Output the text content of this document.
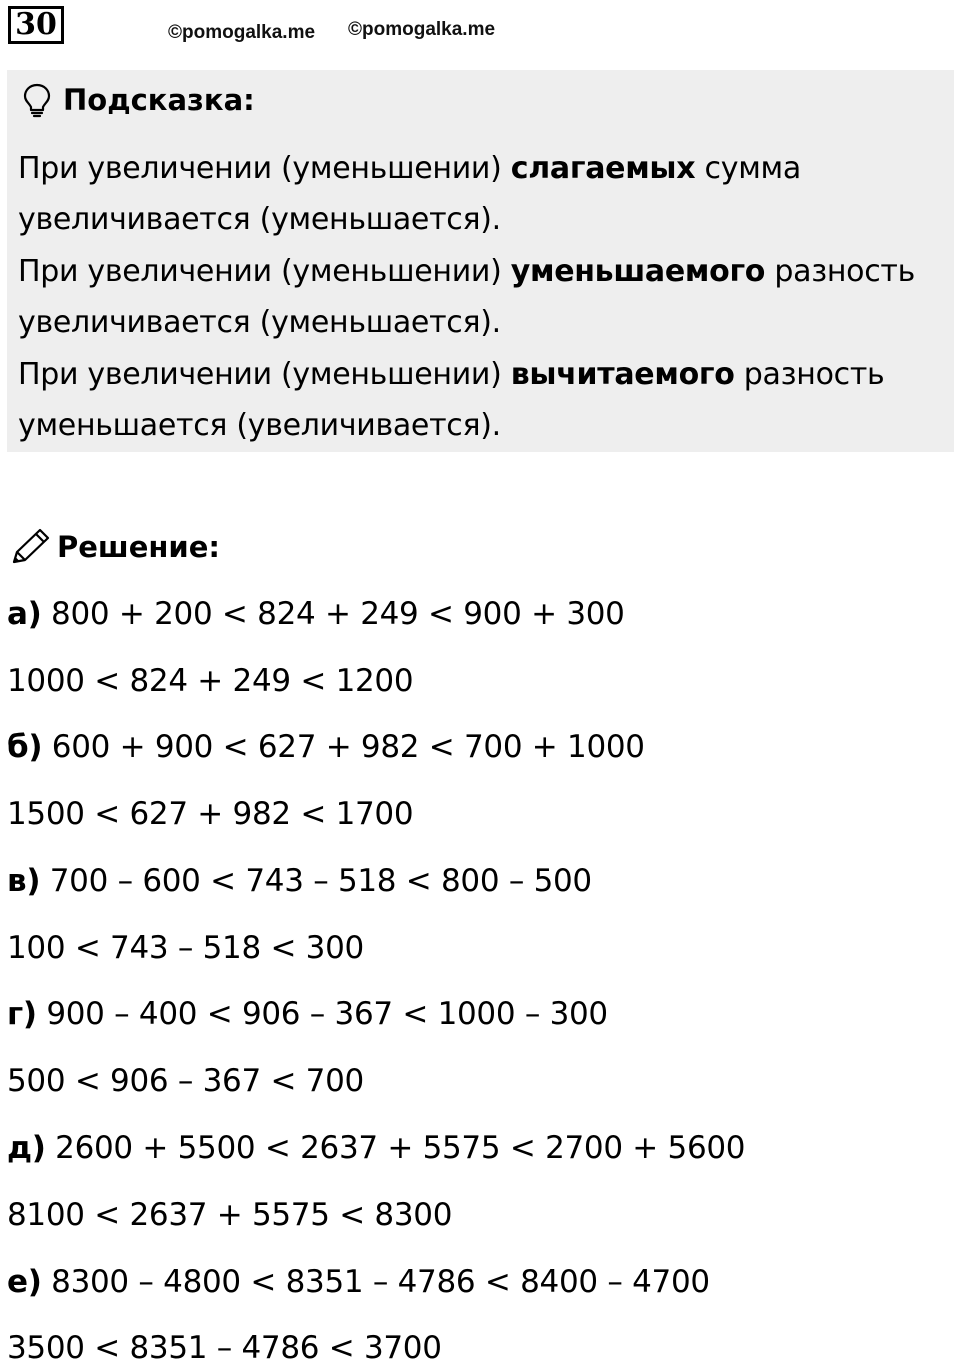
30	©pomogalka.me ©pomogalka.me
Подсказка:
При увеличении (уменьшении) слагаемых сумма
увеличивается (уменьшается).
При увеличении (уменьшении) уменьшаемого разность
увеличивается (уменьшается).
При увеличении (уменьшении) вычитаемого разность
уменьшается (увеличивается).
Решение:
а) 800 + 200 < 824 + 249 < 900 + 300
1000 < 824 + 249 < 1200
б) 600 + 900 < 627 + 982 < 700 + 1000
1500 < 627 + 982 < 1700
в) 700 – 600 < 743 – 518 < 800 – 500
100 < 743 – 518 < 300
г) 900 – 400 < 906 – 367 < 1000 – 300
500 < 906 – 367 < 700
д) 2600 + 5500 < 2637 + 5575 < 2700 + 5600
8100 < 2637 + 5575 < 8300
е) 8300 – 4800 < 8351 – 4786 < 8400 – 4700
3500 < 8351 – 4786 < 3700
